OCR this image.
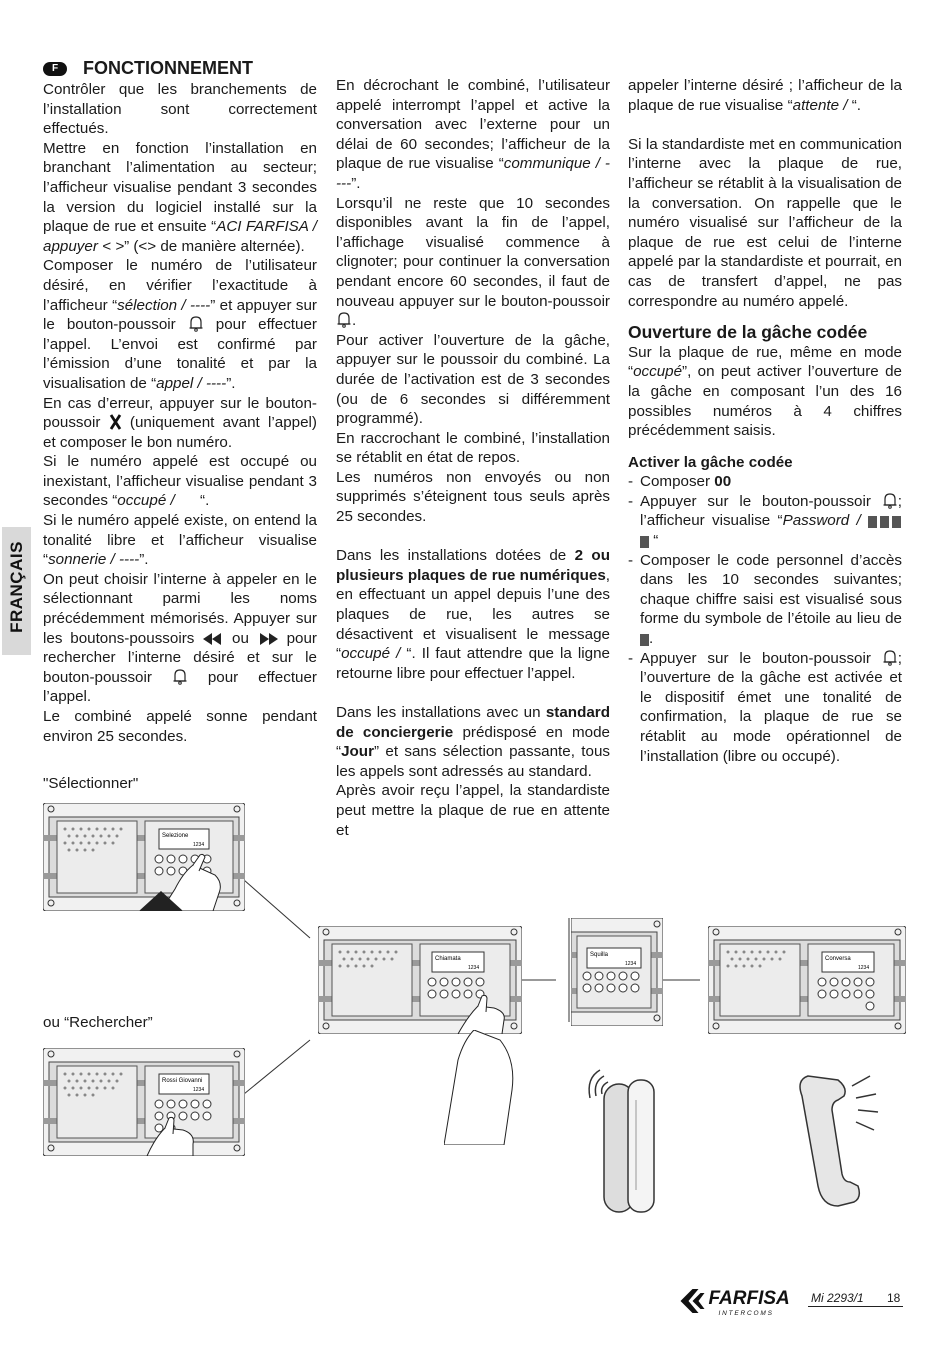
FRANÇAIS
F	FONCTIONNEMENT

Contrôler que les branchements de l’installation sont correctement effectués.

Mettre en fonction l’installation en branchant l’alimentation au secteur; l’afficheur visualise pendant 3 secondes la version du logiciel installé sur la plaque de rue et ensuite “ACI FARFISA / appuyer < >” (<> de manière alternée).

Composer le numéro de l’utilisateur désiré, en vérifier l’exactitude à l’afficheur “sélection / ----” et appuyer sur le bouton-poussoir  pour effectuer l’appel. L’envoi est confirmé par l’émission d’une tonalité et par la visualisation de “appel / ----”.

En cas d’erreur, appuyer sur le bouton-poussoir  (uniquement avant l’appel) et composer le bon numéro.

Si le numéro appelé est occupé ou inexistant, l’afficheur visualise pendant 3 secondes “occupé / “.

Si le numéro appelé existe, on entend la tonalité libre et l’afficheur visualise “sonnerie / ----”.

On peut choisir l’interne à appeler en le sélectionnant parmi les noms précédemment mémorisés. Appuyer sur les boutons-poussoirs  ou  pour rechercher l’interne désiré et sur le bouton-poussoir  pour effectuer l’appel.

Le combiné appelé sonne pendant environ 25 secondes.

En décrochant le combiné, l’utilisateur appelé interrompt l’appel et active la conversation avec l’externe pour un délai de 60 secondes; l’afficheur de la plaque de rue visualise “communique / ----”.

Lorsqu’il ne reste que 10 secondes disponibles avant la fin de l’appel, l’affichage visualisé commence à clignoter; pour continuer la conversation pendant encore 60 secondes, il faut de nouveau appuyer sur le bouton-poussoir .

Pour activer l’ouverture de la gâche, appuyer sur le poussoir du combiné. La durée de l’activation est de 3 secondes (ou de 6 secondes si différemment programmé).

En raccrochant le combiné, l’installation se rétablit en état de repos.

Les numéros non envoyés ou non supprimés s’éteignent tous seuls après 25 secondes.

Dans les installations dotées de 2 ou plusieurs plaques de rue numériques, en effectuant un appel depuis l’une des plaques de rue, les autres se désactivent et visualisent le message “occupé / “. Il faut attendre que la ligne retourne libre pour effectuer l’appel.

Dans les installations avec un standard de conciergerie prédisposé en mode “Jour” et sans sélection passante, tous les appels sont adressés au standard.

Après avoir reçu l’appel, la standardiste peut mettre la plaque de rue en attente et

appeler l’interne désiré ; l’afficheur de la plaque de rue visualise “attente / “.

Si la standardiste met en communication l’interne avec la plaque de rue, l’afficheur se rétablit à la visualisation de la conversation. On rappelle que le numéro visualisé sur l’afficheur de la plaque de rue est celui de l’interne appelé par la standardiste et pourrait, en cas de transfert d’appel, ne pas correspondre au numéro appelé.

Ouverture de la gâche codée

Sur la plaque de rue, même en mode “occupé”, on peut activer l’ouverture de la gâche en composant l’un des 16 possibles numéros à 4 chiffres précédemment saisis.

Activer la gâche codée
- Composer 00
- Appuyer sur le bouton-poussoir ; l’afficheur visualise “Password /   “
- Composer le code personnel d’accès dans les 10 secondes suivantes; chaque chiffre saisi est visualisé sous forme du symbole de l’étoile au lieu de .
- Appuyer sur le bouton-poussoir ; l’ouverture de la gâche est activée et le dispositif émet une tonalité de confirmation, la plaque de rue se rétablit au mode opérationnel de l’installation (libre ou occupé).
"Sélectionner"
ou “Rechercher”
Selezione
1234
Rossi Giovanni
1234
Chiamata
1234
Squilla
1234
Conversa
1234
FARFISA
I N T E R C O M S
Mi 2293/1 18
